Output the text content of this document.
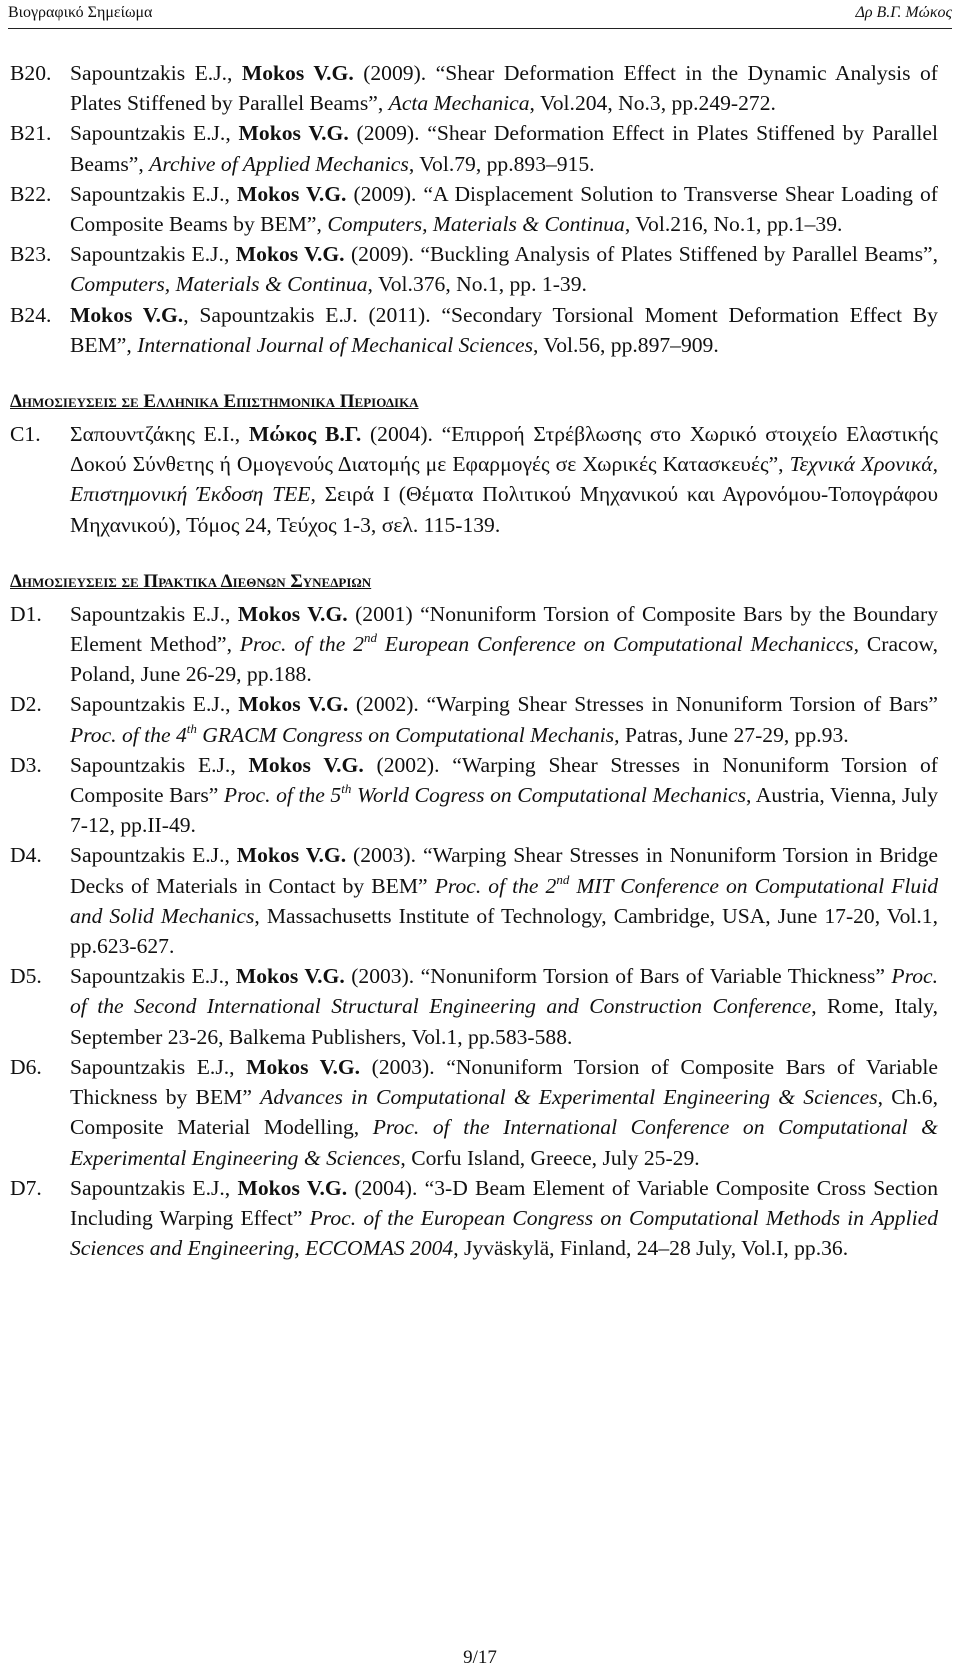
Βιογραφικό Σημείωμα	Δρ Β.Γ. Μώκος
B20. Sapountzakis E.J., Mokos V.G. (2009). “Shear Deformation Effect in the Dynamic Analysis of Plates Stiffened by Parallel Beams”, Acta Mechanica, Vol.204, No.3, pp.249-272.
B21. Sapountzakis E.J., Mokos V.G. (2009). “Shear Deformation Effect in Plates Stiffened by Parallel Beams”, Archive of Applied Mechanics, Vol.79, pp.893–915.
B22. Sapountzakis E.J., Mokos V.G. (2009). “A Displacement Solution to Transverse Shear Loading of Composite Beams by BEM”, Computers, Materials & Continua, Vol.216, No.1, pp.1–39.
B23. Sapountzakis E.J., Mokos V.G. (2009). “Buckling Analysis of Plates Stiffened by Parallel Beams”, Computers, Materials & Continua, Vol.376, No.1, pp. 1-39.
B24. Mokos V.G., Sapountzakis E.J. (2011). “Secondary Torsional Moment Deformation Effect By BEM”, International Journal of Mechanical Sciences, Vol.56, pp.897–909.
Δημοσιευσεισ σε Ελληνικα Επιστημονικα Περιοδικα
C1.	Σαπουντζάκης Ε.Ι., Μώκος Β.Γ. (2004). “Επιρροή Στρέβλωσης στο Χωρικό στοιχείο Ελαστικής Δοκού Σύνθετης ή Ομογενούς Διατομής με Εφαρμογές σε Χωρικές Κατασκευές”, Τεχνικά Χρονικά, Επιστημονική Έκδοση ΤΕΕ, Σειρά Ι (Θέματα Πολιτικού Μηχανικού και Αγρονόμου-Τοπογράφου Μηχανικού), Τόμος 24, Τεύχος 1-3, σελ. 115-139.
Δημοσιευσεισ σε Πρακτικα Διεθνων Συνεδριων
D1.	Sapountzakis E.J., Mokos V.G. (2001) “Nonuniform Torsion of Composite Bars by the Boundary Element Method”, Proc. of the 2nd European Conference on Computational Mechaniccs, Cracow, Poland, June 26-29, pp.188.
D2.	Sapountzakis E.J., Mokos V.G. (2002). “Warping Shear Stresses in Nonuniform Torsion of Bars” Proc. of the 4th GRACM Congress on Computational Mechanis, Patras, June 27-29, pp.93.
D3.	Sapountzakis E.J., Mokos V.G. (2002). “Warping Shear Stresses in Nonuniform Torsion of Composite Bars” Proc. of the 5th World Cogress on Computational Mechanics, Austria, Vienna, July 7-12, pp.II-49.
D4.	Sapountzakis E.J., Mokos V.G. (2003). “Warping Shear Stresses in Nonuniform Torsion in Bridge Decks of Materials in Contact by BEM” Proc. of the 2nd MIT Conference on Computational Fluid and Solid Mechanics, Massachusetts Institute of Technology, Cambridge, USA, June 17-20, Vol.1, pp.623-627.
D5.	Sapountzakis E.J., Mokos V.G. (2003). “Nonuniform Torsion of Bars of Variable Thickness” Proc. of the Second International Structural Engineering and Construction Conference, Rome, Italy, September 23-26, Balkema Publishers, Vol.1, pp.583-588.
D6.	Sapountzakis E.J., Mokos V.G. (2003). “Nonuniform Torsion of Composite Bars of Variable Thickness by BEM” Advances in Computational & Experimental Engineering & Sciences, Ch.6, Composite Material Modelling, Proc. of the International Conference on Computational & Experimental Engineering & Sciences, Corfu Island, Greece, July 25-29.
D7.	Sapountzakis E.J., Mokos V.G. (2004). “3-D Beam Element of Variable Composite Cross Section Including Warping Effect” Proc. of the European Congress on Computational Methods in Applied Sciences and Engineering, ECCOMAS 2004, Jyväskylä, Finland, 24–28 July, Vol.I, pp.36.
9/17
